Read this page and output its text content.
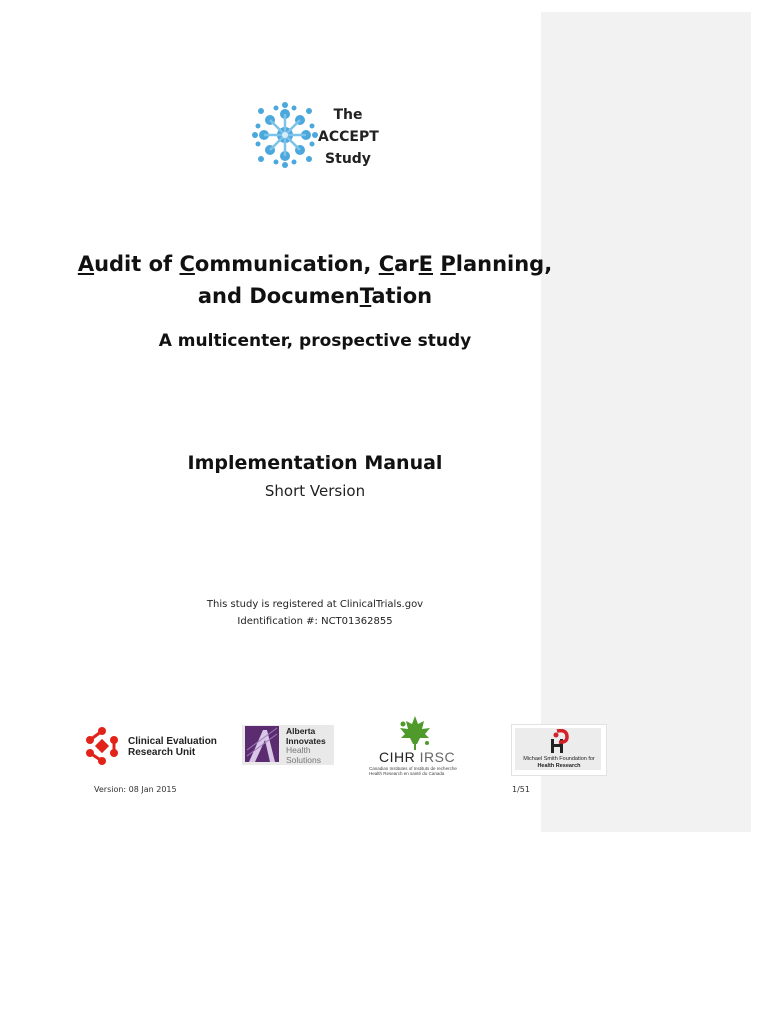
The
ACCEPT
Study
Audit of Communication, CarE Planning,
and DocumenTation
A multicenter, prospective study
Implementation Manual
Short Version
This study is registered at ClinicalTrials.gov
Identification #: NCT01362855
Clinical Evaluation
Research Unit
Alberta
Innovates
Health
Solutions	CIHR IRSC
Canadian Institutes of Instituts de recherche
Health Research en santé du Canada
Michael Smith Foundation for
Health Research
Version: 08 Jan 2015	1/51
